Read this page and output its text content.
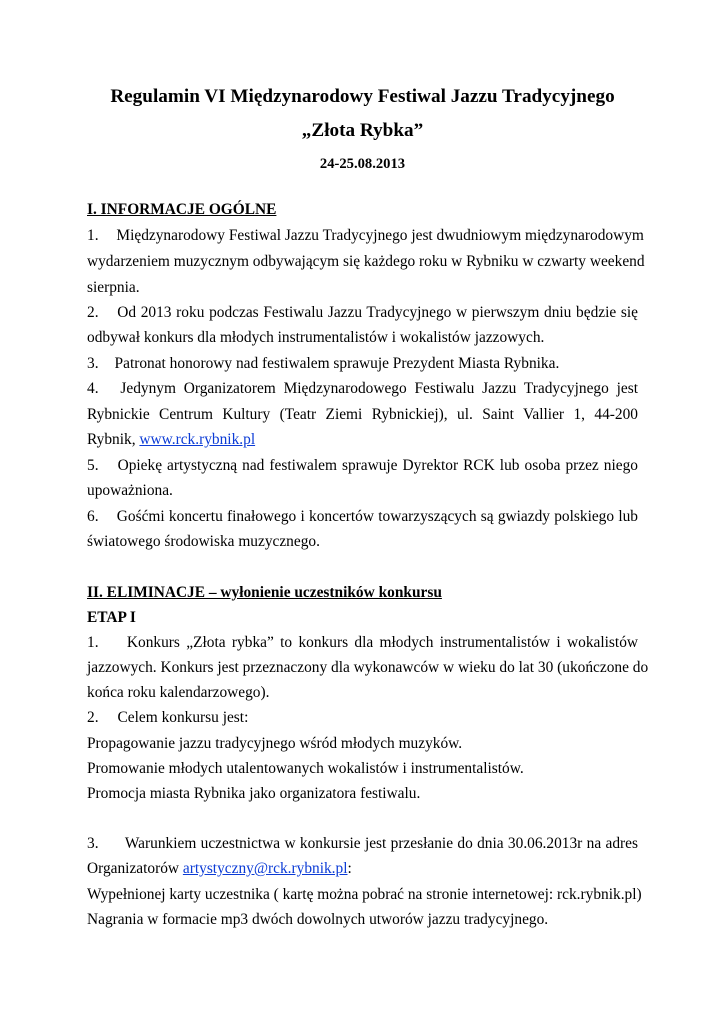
Regulamin VI Międzynarodowy Festiwal Jazzu Tradycyjnego
„Złota Rybka”
24-25.08.2013
I. INFORMACJE OGÓLNE
1. Międzynarodowy Festiwal Jazzu Tradycyjnego jest dwudniowym międzynarodowym
wydarzeniem muzycznym odbywającym się każdego roku w Rybniku w czwarty weekend
sierpnia.
2. Od 2013 roku podczas Festiwalu Jazzu Tradycyjnego w pierwszym dniu będzie się
odbywał konkurs dla młodych instrumentalistów i wokalistów jazzowych.
3. Patronat honorowy nad festiwalem sprawuje Prezydent Miasta Rybnika.
4. Jedynym Organizatorem Międzynarodowego Festiwalu Jazzu Tradycyjnego jest
Rybnickie Centrum Kultury (Teatr Ziemi Rybnickiej), ul. Saint Vallier 1, 44-200
Rybnik, www.rck.rybnik.pl
5. Opiekę artystyczną nad festiwalem sprawuje Dyrektor RCK lub osoba przez niego
upoważniona.
6. Gośćmi koncertu finałowego i koncertów towarzyszących są gwiazdy polskiego lub
światowego środowiska muzycznego.
II. ELIMINACJE – wyłonienie uczestników konkursu
ETAP I
1. Konkurs „Złota rybka” to konkurs dla młodych instrumentalistów i wokalistów
jazzowych. Konkurs jest przeznaczony dla wykonawców w wieku do lat 30 (ukończone do
końca roku kalendarzowego).
2. Celem konkursu jest:
Propagowanie jazzu tradycyjnego wśród młodych muzyków.
Promowanie młodych utalentowanych wokalistów i instrumentalistów.
Promocja miasta Rybnika jako organizatora festiwalu.
3. Warunkiem uczestnictwa w konkursie jest przesłanie do dnia 30.06.2013r na adres
Organizatorów artystyczny@rck.rybnik.pl:
Wypełnionej karty uczestnika ( kartę można pobrać na stronie internetowej: rck.rybnik.pl)
Nagrania w formacie mp3 dwóch dowolnych utworów jazzu tradycyjnego.
